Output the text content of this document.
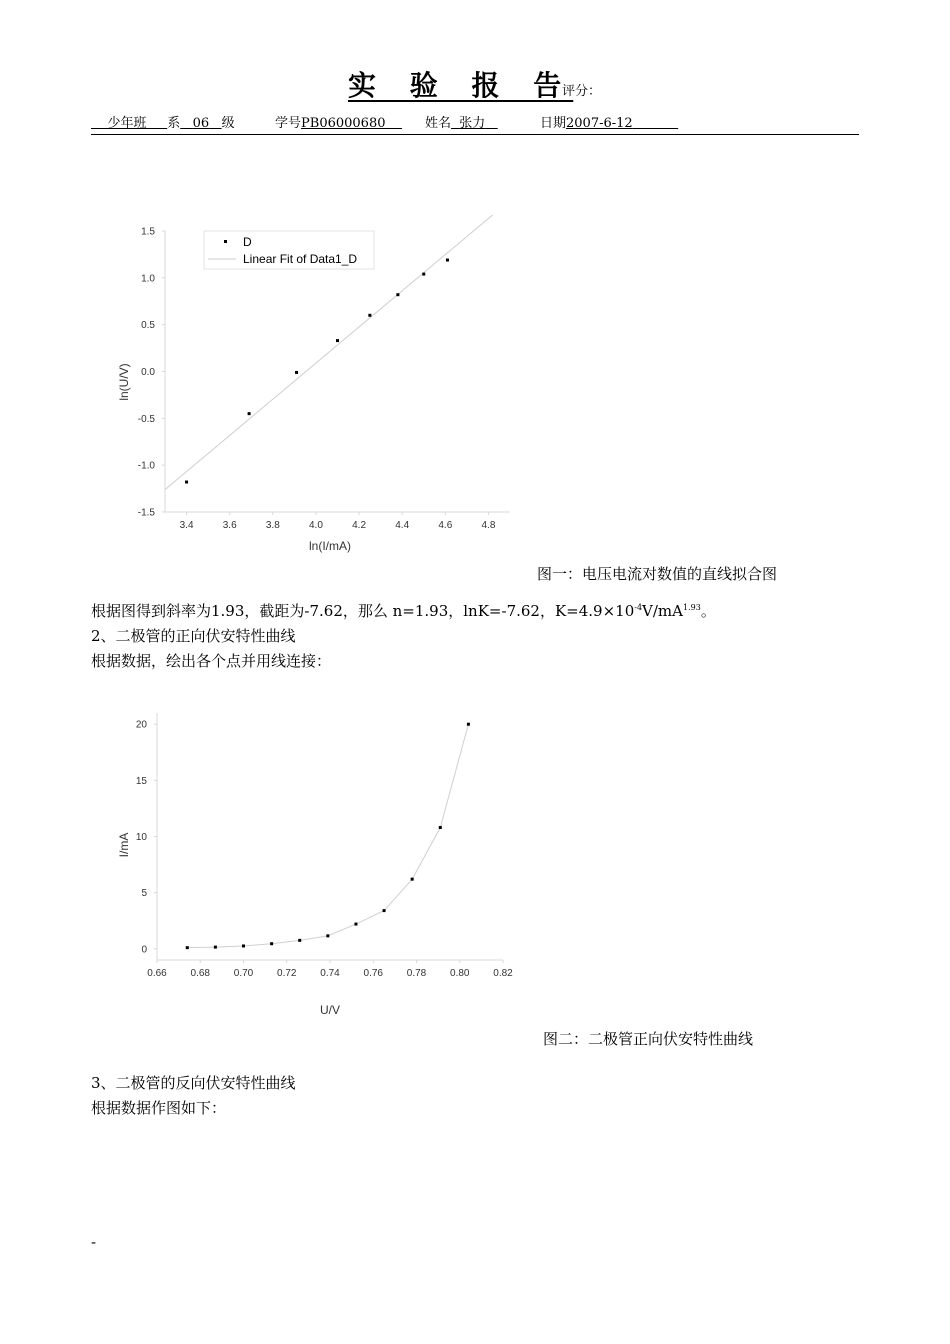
实 验 报 告
评分：
少年班 系 06 级	学号PB06000680	姓名 张力	日期2007-6-12
3.4	3.6	3.8	4.0	4.2	4.4	4.6	4.8
-1.5
-1.0
-0.5
0.0
0.5
1.0
1.5
D
Linear Fit of Data1_D
ln(I/mA)
ln(U/V)
图一：电压电流对数值的直线拟合图
根据图得到斜率为1.93，截距为-7.62，那么 n=1.93，lnK=-7.62，$K=4.9\times 10^{-4}V/mA^{1.93}$。
2、二极管的正向伏安特性曲线
根据数据，绘出各个点并用线连接：
0.66 0.68 0.70 0.72 0.74 0.76 0.78 0.80 0.82
0
5
10
15
20
U/V
I/mA
图二：二极管正向伏安特性曲线
3、二极管的反向伏安特性曲线
根据数据作图如下：
-
